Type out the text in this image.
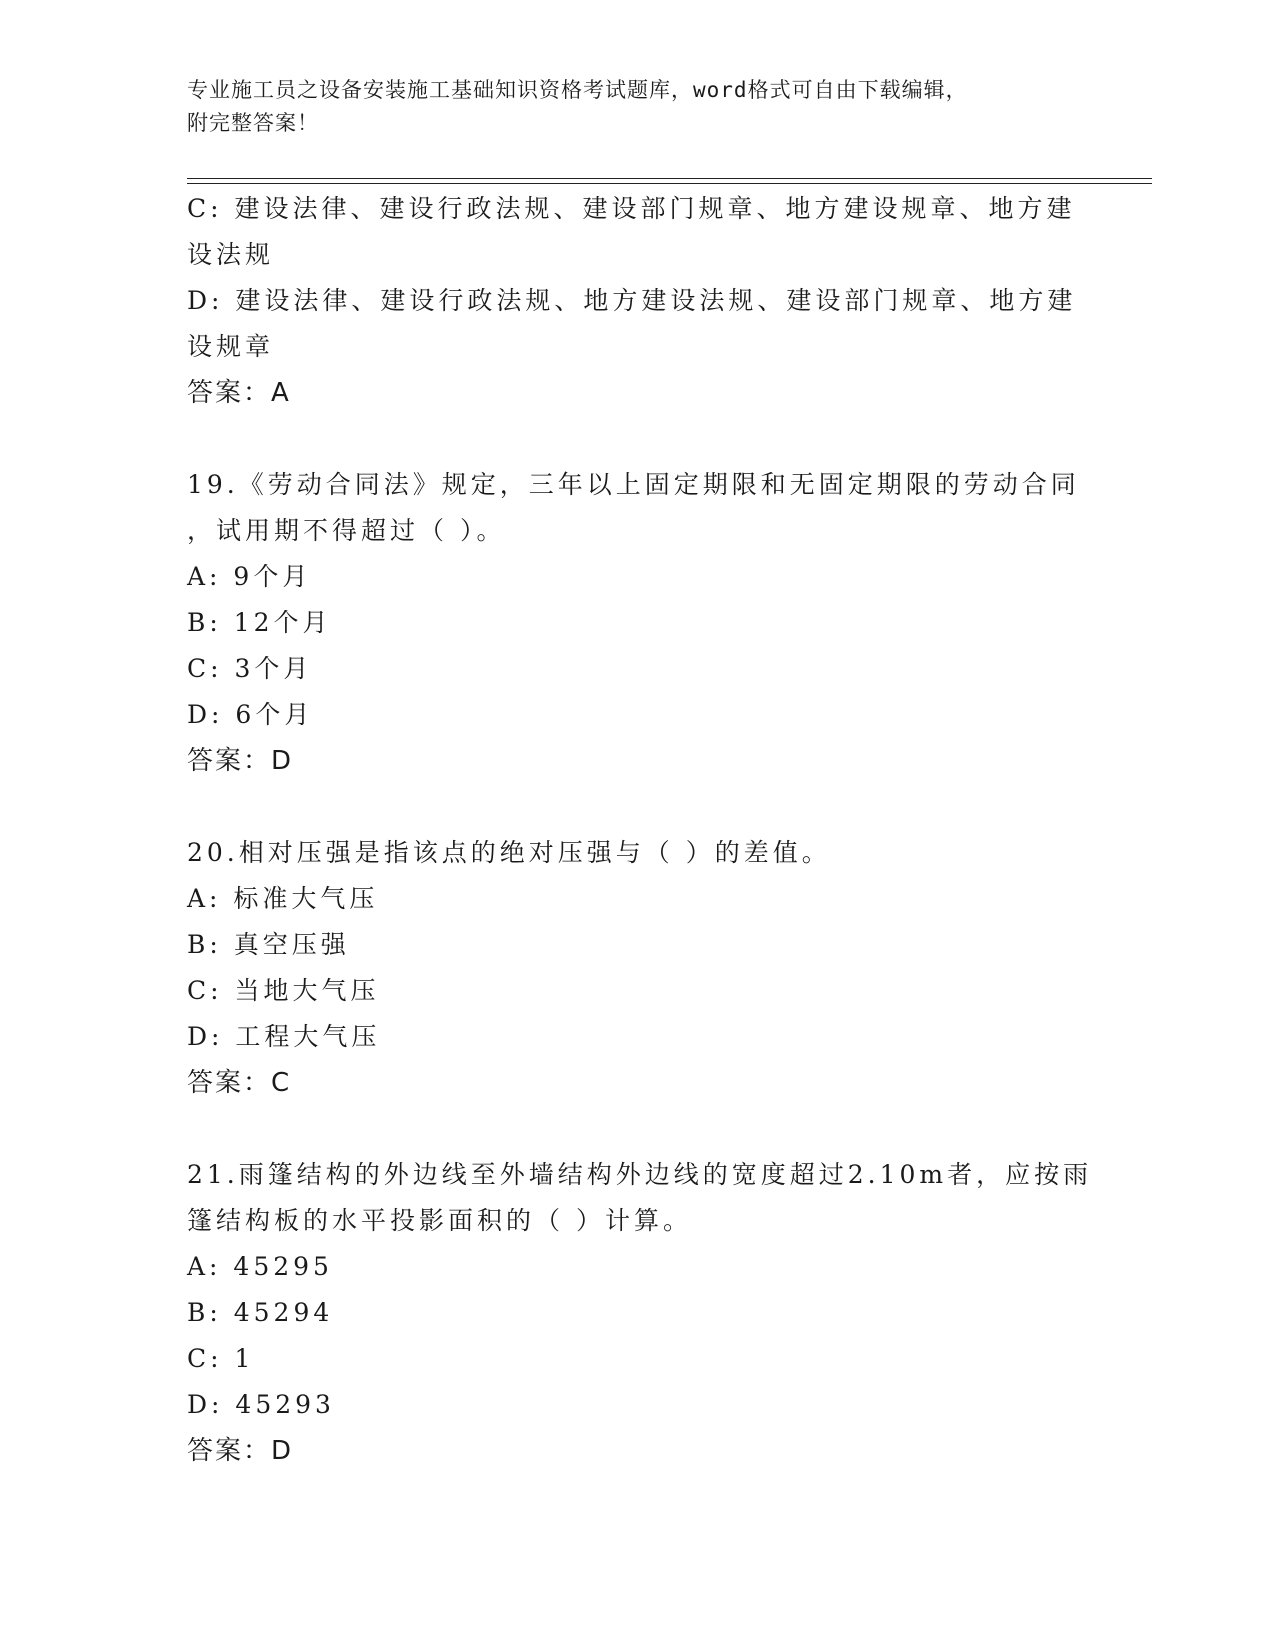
专业施工员之设备安装施工基础知识资格考试题库，word格式可自由下载编辑，
附完整答案！
C: 建设法律、建设行政法规、建设部门规章、地方建设规章、地方建
设法规
D: 建设法律、建设行政法规、地方建设法规、建设部门规章、地方建
设规章
答案：A
19.《劳动合同法》规定，三年以上固定期限和无固定期限的劳动合同
，试用期不得超过（ ）。
A: 9个月
B: 12个月
C: 3个月
D: 6个月
答案：D
20.相对压强是指该点的绝对压强与（ ）的差值。
A: 标准大气压
B: 真空压强
C: 当地大气压
D: 工程大气压
答案：C
21.雨篷结构的外边线至外墙结构外边线的宽度超过2.10m者，应按雨
篷结构板的水平投影面积的（ ）计算。
A: 45295
B: 45294
C: 1
D: 45293
答案：D
